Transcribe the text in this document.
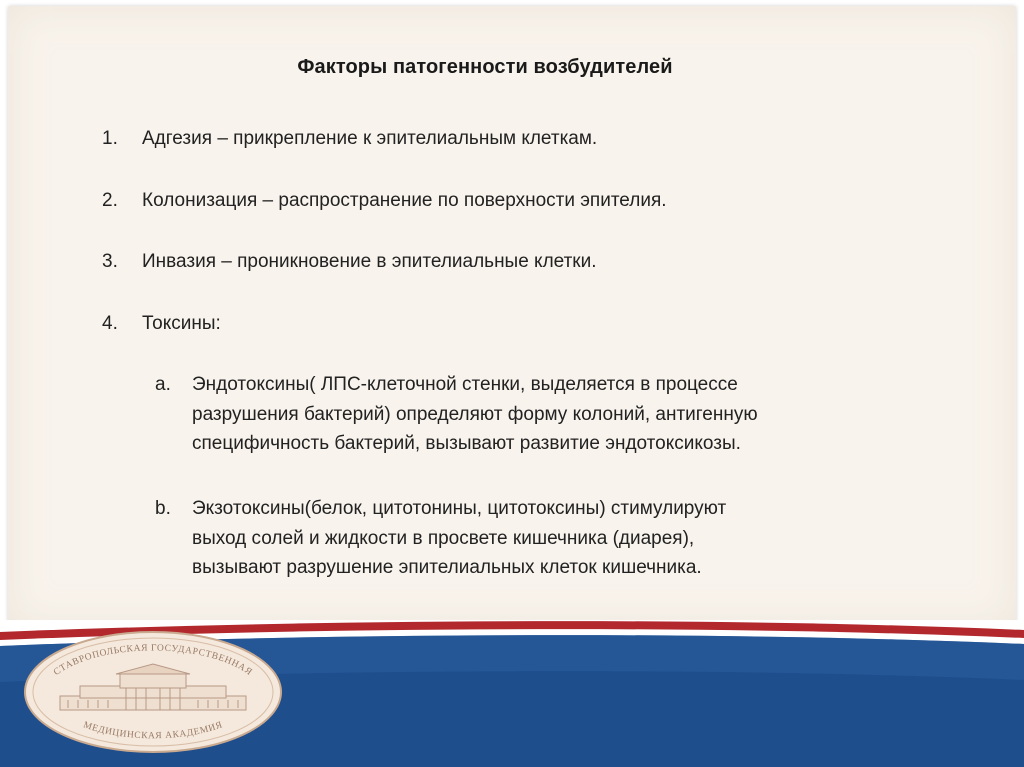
Факторы патогенности возбудителей
1. Адгезия – прикрепление к эпителиальным клеткам.
2. Колонизация – распространение по поверхности эпителия.
3. Инвазия – проникновение в эпителиальные клетки.
4. Токсины:
a. Эндотоксины( ЛПС-клеточной стенки, выделяется в процессе
разрушения бактерий) определяют форму колоний, антигенную
специфичность бактерий, вызывают развитие эндотоксикозы.
b. Экзотоксины(белок, цитотонины, цитотоксины) стимулируют
выход солей и жидкости в просвете кишечника (диарея),
вызывают разрушение эпителиальных клеток кишечника.
СТАВРОПОЛЬСКАЯ ГОСУДАРСТВЕННАЯ
МЕДИЦИНСКАЯ АКАДЕМИЯ
